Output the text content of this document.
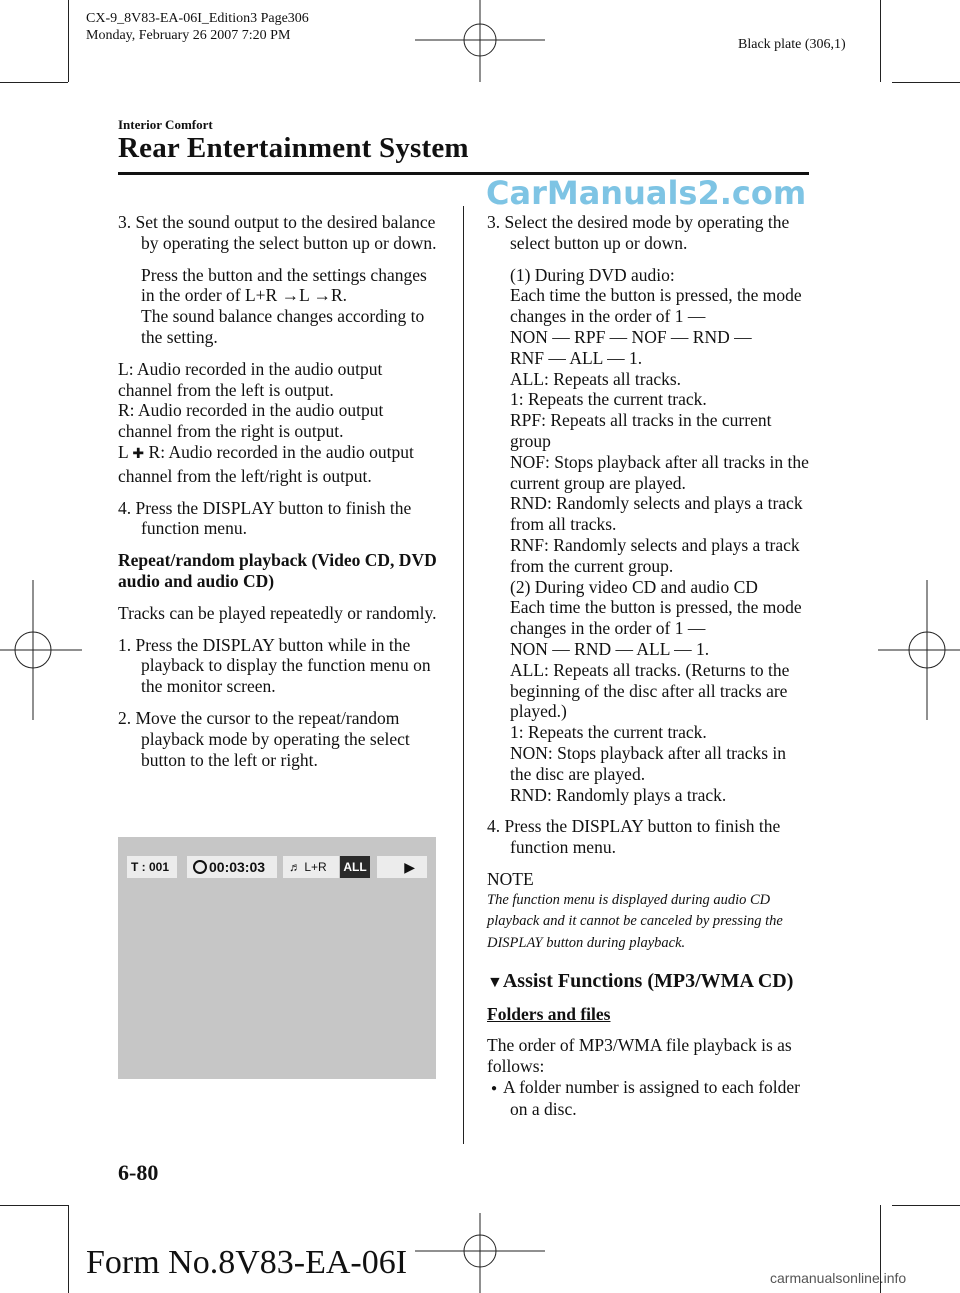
CX-9_8V83-EA-06I_Edition3 Page306
Monday, February 26 2007 7:20 PM
Black plate (306,1)
Interior Comfort
Rear Entertainment System
CarManuals2.com

3. Set the sound output to the desired balance by operating the select button up or down.

Press the button and the settings changes in the order of L+R →L →R.

The sound balance changes according to the setting.

L: Audio recorded in the audio output channel from the left is output.

R: Audio recorded in the audio output channel from the right is output.

L ✚ R: Audio recorded in the audio output channel from the left/right is output.

4. Press the DISPLAY button to finish the function menu.

Repeat/random playback (Video CD, DVD audio and audio CD)

Tracks can be played repeatedly or randomly.

1. Press the DISPLAY button while in the playback to display the function menu on the monitor screen.

2. Move the cursor to the repeat/random playback mode by operating the select button to the left or right.

T : 001	00:03:03	♬ L+R	ALL	▶

3. Select the desired mode by operating the select button up or down.

(1) During DVD audio:
Each time the button is pressed, the mode changes in the order of 1 —
NON — RPF — NOF — RND —
RNF — ALL — 1.
ALL: Repeats all tracks.
1: Repeats the current track.
RPF: Repeats all tracks in the current group
NOF: Stops playback after all tracks in the current group are played.
RND: Randomly selects and plays a track from all tracks.
RNF: Randomly selects and plays a track from the current group.
(2) During video CD and audio CD
Each time the button is pressed, the mode changes in the order of 1 —
NON — RND — ALL — 1.
ALL: Repeats all tracks. (Returns to the beginning of the disc after all tracks are played.)
1: Repeats the current track.
NON: Stops playback after all tracks in the disc are played.
RND: Randomly plays a track.

4. Press the DISPLAY button to finish the function menu.

NOTE

The function menu is displayed during audio CD playback and it cannot be canceled by pressing the DISPLAY button during playback.

▼Assist Functions (MP3/WMA CD)

Folders and files

The order of MP3/WMA file playback is as follows:

● A folder number is assigned to each folder on a disc.

6-80
Form No.8V83-EA-06I	carmanualsonline.info
